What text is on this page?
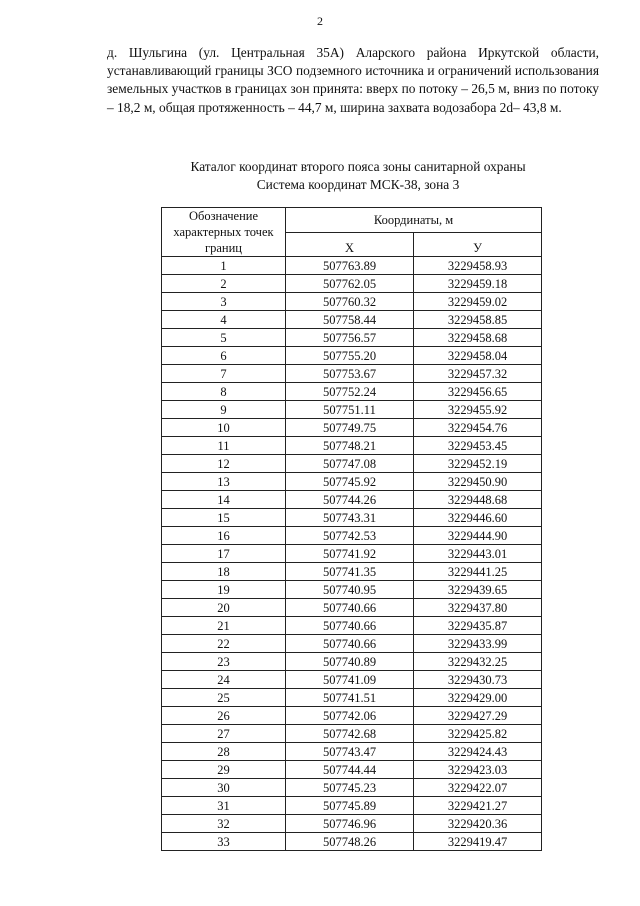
2

д. Шульгина (ул. Центральная 35А) Аларского района Иркутской области, устанавливающий границы ЗСО подземного источника и ограничений использования земельных участков в границах зон принята: вверх по потоку – 26,5 м, вниз по потоку – 18,2 м, общая протяженность – 44,7 м, ширина захвата водозабора 2d– 43,8 м.

Каталог координат второго пояса зоны санитарной охраны
Система координат МСК-38, зона 3
Обозначение характерных точек границ	Координаты, м	
	X	У
1	507763.89	3229458.93
2	507762.05	3229459.18
3	507760.32	3229459.02
4	507758.44	3229458.85
5	507756.57	3229458.68
6	507755.20	3229458.04
7	507753.67	3229457.32
8	507752.24	3229456.65
9	507751.11	3229455.92
10	507749.75	3229454.76
11	507748.21	3229453.45
12	507747.08	3229452.19
13	507745.92	3229450.90
14	507744.26	3229448.68
15	507743.31	3229446.60
16	507742.53	3229444.90
17	507741.92	3229443.01
18	507741.35	3229441.25
19	507740.95	3229439.65
20	507740.66	3229437.80
21	507740.66	3229435.87
22	507740.66	3229433.99
23	507740.89	3229432.25
24	507741.09	3229430.73
25	507741.51	3229429.00
26	507742.06	3229427.29
27	507742.68	3229425.82
28	507743.47	3229424.43
29	507744.44	3229423.03
30	507745.23	3229422.07
31	507745.89	3229421.27
32	507746.96	3229420.36
33	507748.26	3229419.47
